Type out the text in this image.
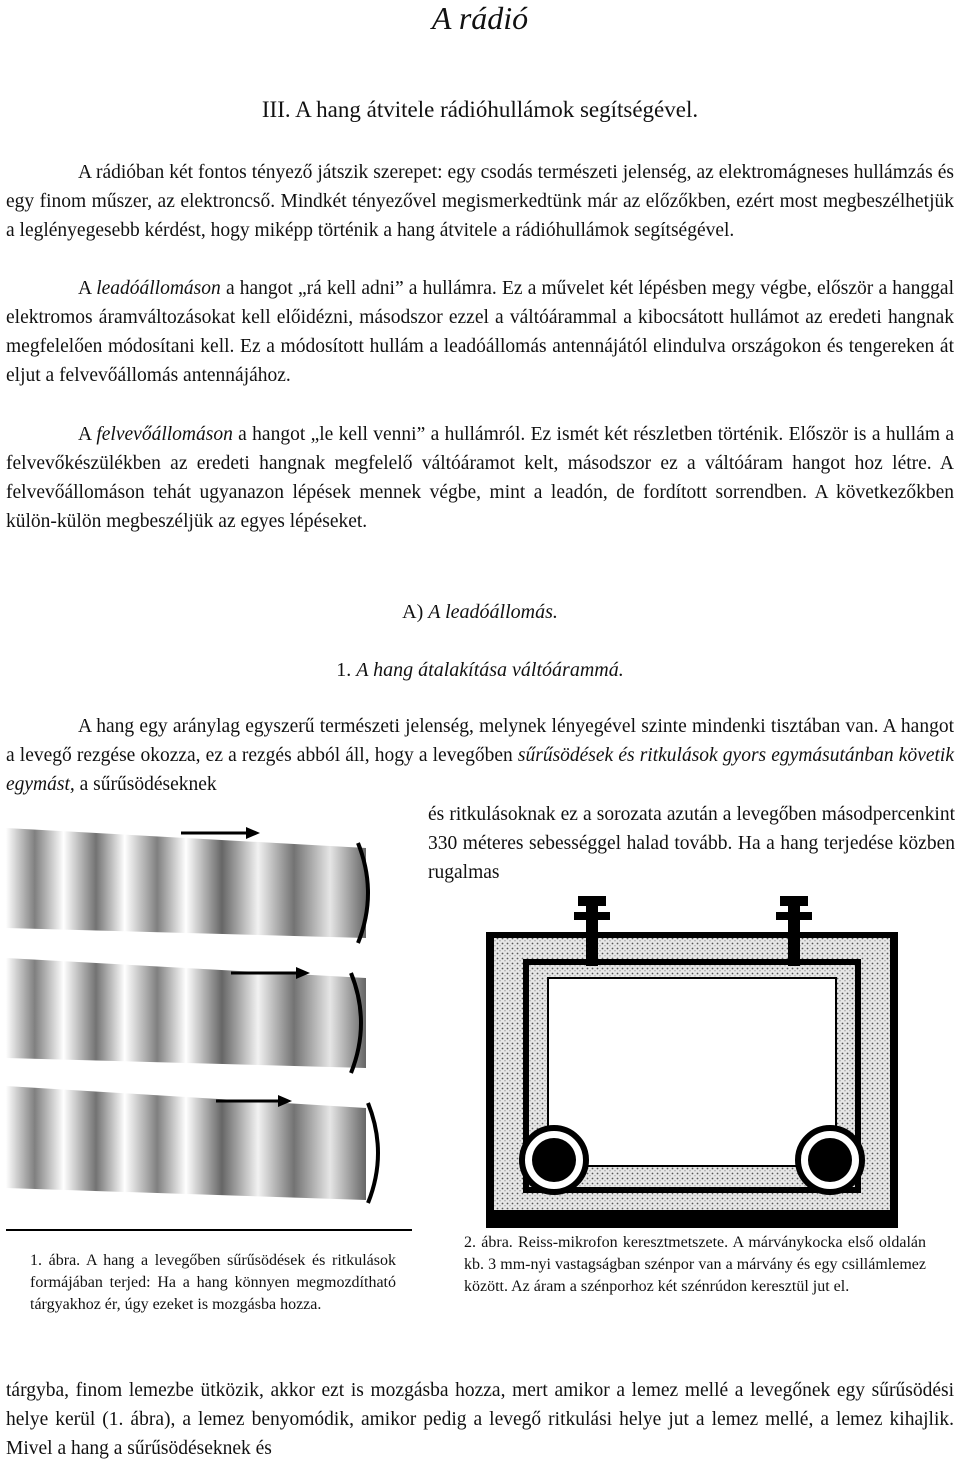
A rádió
III. A hang átvitele rádióhullámok segítségével.

A rádióban két fontos tényező játszik szerepet: egy csodás természeti jelenség, az elektromágneses hullámzás és egy finom műszer, az elektroncső. Mindkét tényezővel megismerkedtünk már az előzőkben, ezért most megbeszélhetjük a leglényegesebb kérdést, hogy miképp történik a hang átvitele a rádióhullámok segítségével.

A leadóállomáson a hangot „rá kell adni” a hullámra. Ez a művelet két lépésben megy végbe, először a hanggal elektromos áramváltozásokat kell előidézni, másodszor ezzel a váltóárammal a kibocsátott hullámot az eredeti hangnak megfelelően módosítani kell. Ez a módosított hullám a leadóállomás antennájától elindulva országokon és tengereken át eljut a felvevőállomás antennájához.

A felvevőállomáson a hangot „le kell venni” a hullámról. Ez ismét két részletben történik. Először is a hullám a felvevőkészülékben az eredeti hangnak megfelelő váltóáramot kelt, másodszor ez a váltóáram hangot hoz létre. A felvevőállomáson tehát ugyanazon lépések mennek végbe, mint a leadón, de fordított sorrendben. A következőkben külön-külön megbeszéljük az egyes lépéseket.

A) A leadóállomás.
1. A hang átalakítása váltóárammá.

A hang egy aránylag egyszerű természeti jelenség, melynek lényegével szinte mindenki tisztában van. A hangot a levegő rezgése okozza, ez a rezgés abból áll, hogy a levegőben sűrűsödések és ritkulások gyors egymásutánban követik egymást, a sűrűsödéseknek

és ritkulásoknak ez a sorozata azután a levegőben másodpercenkint 330 méteres sebességgel halad tovább. Ha a hang terjedése közben rugalmas

1. ábra. A hang a levegőben sűrűsödések és ritkulások formájában terjed: Ha a hang könnyen megmozdítható tárgyakhoz ér, úgy ezeket is mozgásba hozza.

2. ábra. Reiss-mikrofon keresztmetszete. A márványkocka első oldalán kb. 3 mm-nyi vastagságban szénpor van a márvány és egy csillámlemez között. Az áram a szénporhoz két szénrúdon keresztül jut el.

tárgyba, finom lemezbe ütközik, akkor ezt is mozgásba hozza, mert amikor a lemez mellé a levegőnek egy sűrűsödési helye kerül (1. ábra), a lemez benyomódik, amikor pedig a levegő ritkulási helye jut a lemez mellé, a lemez kihajlik. Mivel a hang a sűrűsödéseknek és
